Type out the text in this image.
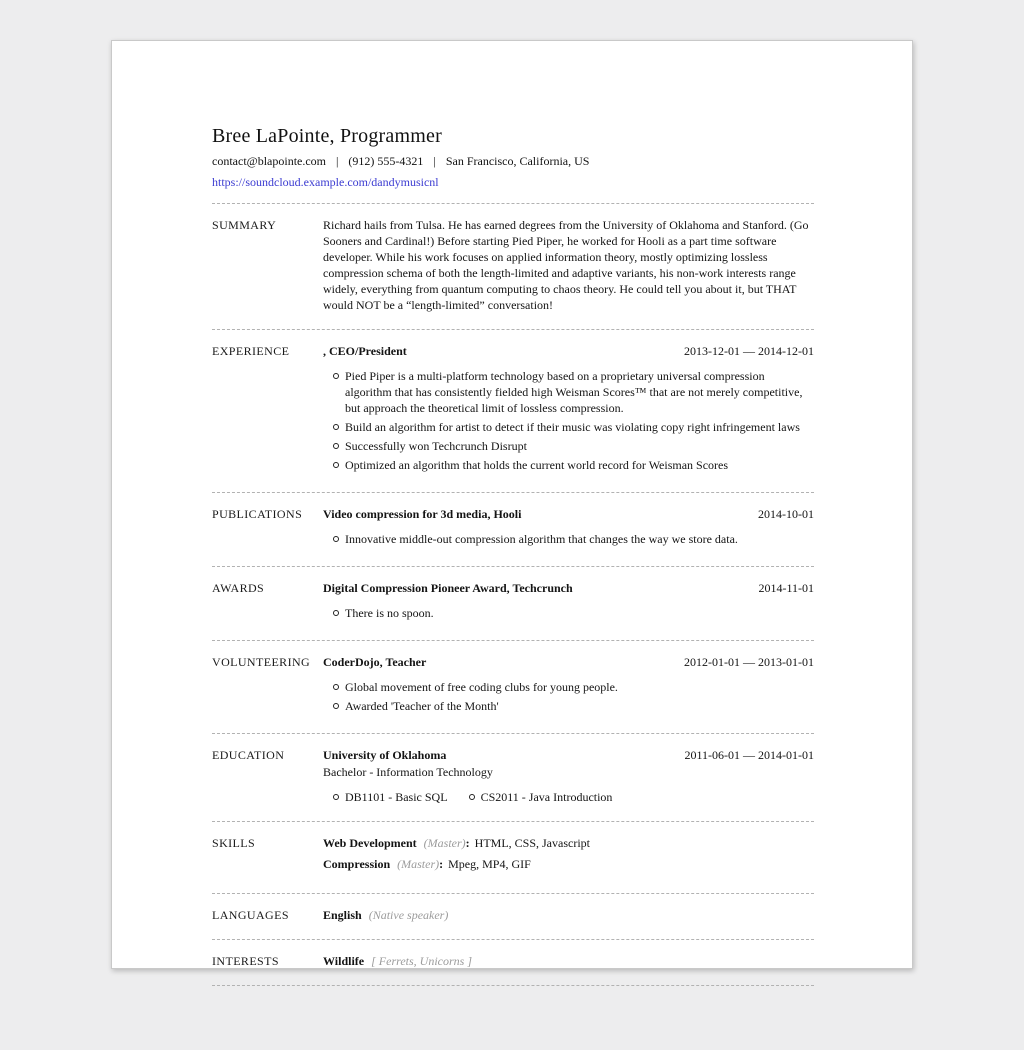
Bree LaPointe, Programmer
contact@blapointe.com | (912) 555-4321 | San Francisco, California, US
https://soundcloud.example.com/dandymusicnl
SUMMARY	Richard hails from Tulsa. He has earned degrees from the University of Oklahoma and Stanford. (Go Sooners and Cardinal!) Before starting Pied Piper, he worked for Hooli as a part time software developer. While his work focuses on applied information theory, mostly optimizing lossless compression schema of both the length-limited and adaptive variants, his non-work interests range widely, everything from quantum computing to chaos theory. He could tell you about it, but THAT would NOT be a “length-limited” conversation!

EXPERIENCE	, CEO/President	2013-12-01 — 2014-12-01
Pied Piper is a multi-platform technology based on a proprietary universal compression algorithm that has consistently fielded high Weisman Scores™ that are not merely competitive, but approach the theoretical limit of lossless compression.
Build an algorithm for artist to detect if their music was violating copy right infringement laws
Successfully won Techcrunch Disrupt
Optimized an algorithm that holds the current world record for Weisman Scores
PUBLICATIONS	Video compression for 3d media, Hooli	2014-10-01
Innovative middle-out compression algorithm that changes the way we store data.
AWARDS	Digital Compression Pioneer Award, Techcrunch	2014-11-01
There is no spoon.
VOLUNTEERING	CoderDojo, Teacher	2012-01-01 — 2013-01-01
Global movement of free coding clubs for young people.
Awarded 'Teacher of the Month'
EDUCATION	University of Oklahoma	2011-06-01 — 2014-01-01
Bachelor - Information Technology
DB1101 - Basic SQL	CS2011 - Java Introduction
SKILLS	Web Development (Master): HTML, CSS, Javascript
Compression (Master): Mpeg, MP4, GIF
LANGUAGES	English (Native speaker)
INTERESTS	Wildlife [ Ferrets, Unicorns ]
